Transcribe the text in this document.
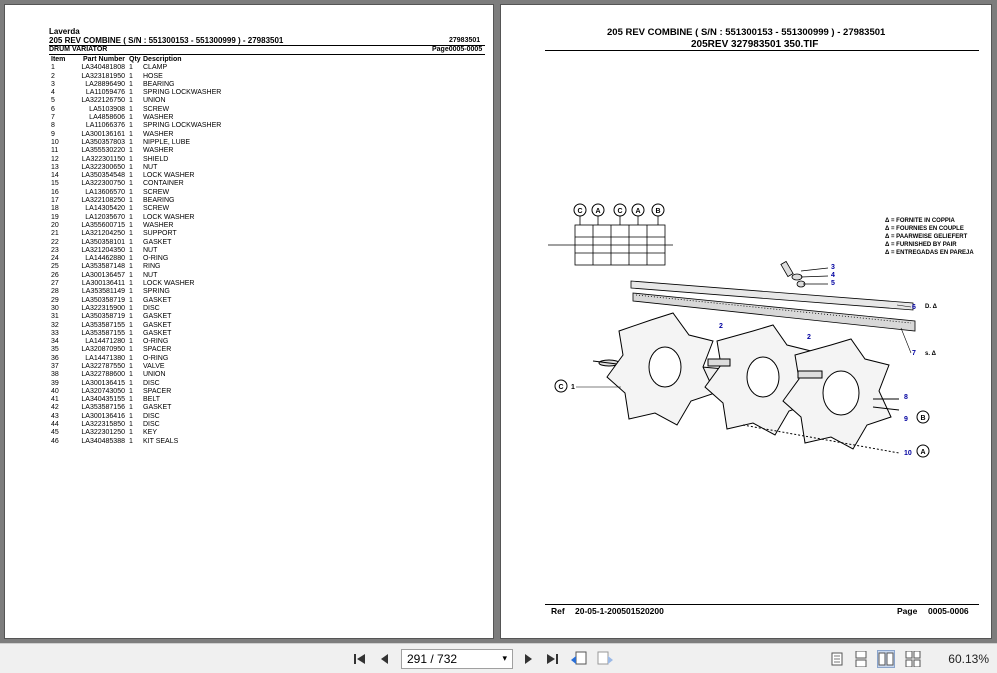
Laverda
205 REV COMBINE ( S/N : 551300153 - 551300999 ) - 27983501	27983501
DRUM VARIATOR	Page0005-0005
Item	Part Number	Qty	Description
1	LA340481808	1	CLAMP
2	LA323181950	1	HOSE
3	LA28896490	1	BEARING
4	LA11059476	1	SPRING LOCKWASHER
5	LA322126750	1	UNION
6	LA5103908	1	SCREW
7	LA4858606	1	WASHER
8	LA11066376	1	SPRING LOCKWASHER
9	LA300136161	1	WASHER
10	LA350357803	1	NIPPLE, LUBE
11	LA355530220	1	WASHER
12	LA322301150	1	SHIELD
13	LA322300650	1	NUT
14	LA350354548	1	LOCK WASHER
15	LA322300750	1	CONTAINER
16	LA13606570	1	SCREW
17	LA322108250	1	BEARING
18	LA14305420	1	SCREW
19	LA12035670	1	LOCK WASHER
20	LA355600715	1	WASHER
21	LA321204250	1	SUPPORT
22	LA350358101	1	GASKET
23	LA321204350	1	NUT
24	LA14462880	1	O-RING
25	LA353587148	1	RING
26	LA300136457	1	NUT
27	LA300136411	1	LOCK WASHER
28	LA353581149	1	SPRING
29	LA350358719	1	GASKET
30	LA322315900	1	DISC
31	LA350358719	1	GASKET
32	LA353587155	1	GASKET
33	LA353587155	1	GASKET
34	LA14471280	1	O-RING
35	LA320870950	1	SPACER
36	LA14471380	1	O-RING
37	LA322787550	1	VALVE
38	LA322788600	1	UNION
39	LA300136415	1	DISC
40	LA320743050	1	SPACER
41	LA340435155	1	BELT
42	LA353587156	1	GASKET
43	LA300136416	1	DISC
44	LA322315850	1	DISC
45	LA322301250	1	KEY
46	LA340485388	1	KIT SEALS
205 REV COMBINE ( S/N : 551300153 - 551300999 ) - 27983501
205REV 327983501 350.TIF
Δ = FORNITE IN COPPIA
Δ = FOURNIES EN COUPLE
Δ = PAARWEISE GELIEFERT
Δ = FURNISHED BY PAIR
Δ = ENTREGADAS EN PAREJA
C A C A B
1
2
2
3
4
5
6
7
8
9
10
D. Δ
s. Δ
C
B
A
Ref 20-05-1-200501520200	Page 0005-0006
291 / 732	▾	60.13%
